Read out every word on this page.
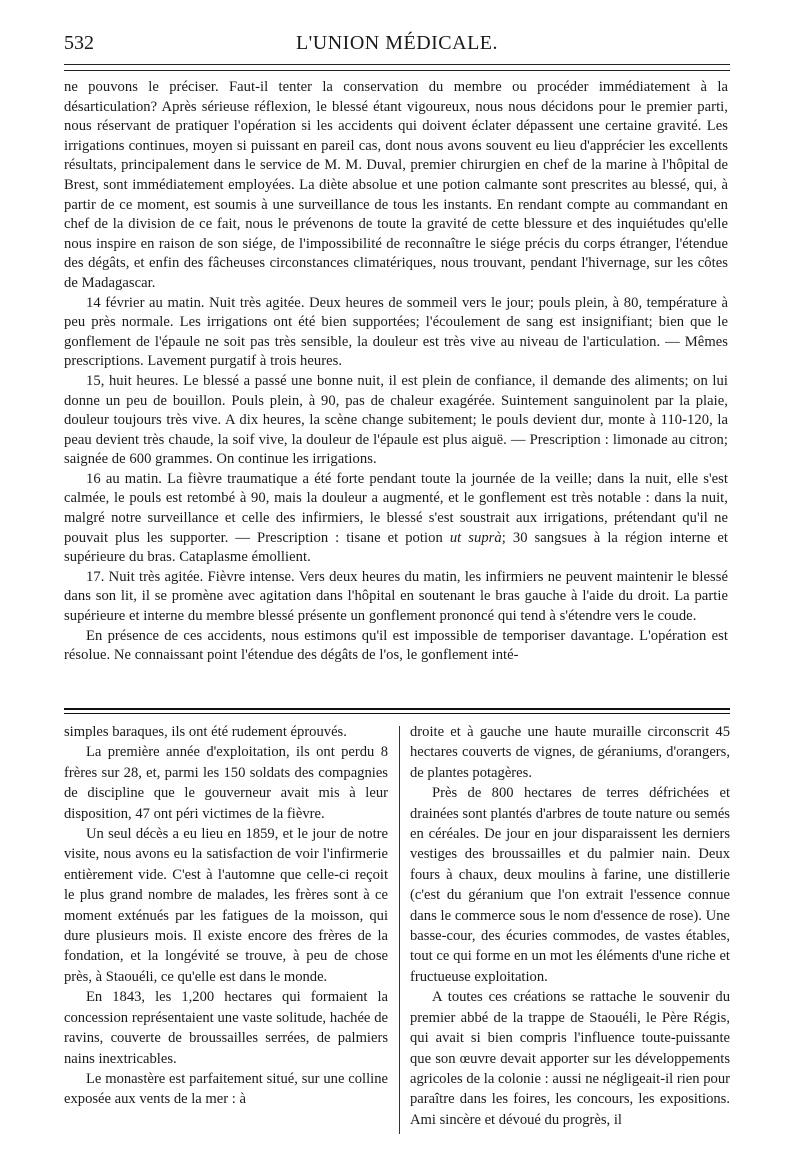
532	L'UNION MÉDICALE.

ne pouvons le préciser. Faut-il tenter la conservation du membre ou procéder immédiatement à la désarticulation? Après sérieuse réflexion, le blessé étant vigoureux, nous nous décidons pour le premier parti, nous réservant de pratiquer l'opération si les accidents qui doivent éclater dépassent une certaine gravité. Les irrigations continues, moyen si puissant en pareil cas, dont nous avons souvent eu lieu d'apprécier les excellents résultats, principalement dans le service de M. M. Duval, premier chirurgien en chef de la marine à l'hôpital de Brest, sont immédiatement employées. La diète absolue et une potion calmante sont prescrites au blessé, qui, à partir de ce moment, est soumis à une surveillance de tous les instants. En rendant compte au commandant en chef de la division de ce fait, nous le prévenons de toute la gravité de cette blessure et des inquiétudes qu'elle nous inspire en raison de son siége, de l'impossibilité de reconnaître le siége précis du corps étranger, l'étendue des dégâts, et enfin des fâcheuses circonstances climatériques, nous trouvant, pendant l'hivernage, sur les côtes de Madagascar.

14 février au matin. Nuit très agitée. Deux heures de sommeil vers le jour; pouls plein, à 80, température à peu près normale. Les irrigations ont été bien supportées; l'écoulement de sang est insignifiant; bien que le gonflement de l'épaule ne soit pas très sensible, la douleur est très vive au niveau de l'articulation. — Mêmes prescriptions. Lavement purgatif à trois heures.

15, huit heures. Le blessé a passé une bonne nuit, il est plein de confiance, il demande des aliments; on lui donne un peu de bouillon. Pouls plein, à 90, pas de chaleur exagérée. Suintement sanguinolent par la plaie, douleur toujours très vive. A dix heures, la scène change subitement; le pouls devient dur, monte à 110-120, la peau devient très chaude, la soif vive, la douleur de l'épaule est plus aiguë. — Prescription : limonade au citron; saignée de 600 grammes. On continue les irrigations.

16 au matin. La fièvre traumatique a été forte pendant toute la journée de la veille; dans la nuit, elle s'est calmée, le pouls est retombé à 90, mais la douleur a augmenté, et le gonflement est très notable : dans la nuit, malgré notre surveillance et celle des infirmiers, le blessé s'est soustrait aux irrigations, prétendant qu'il ne pouvait plus les supporter. — Prescription : tisane et potion ut suprà; 30 sangsues à la région interne et supérieure du bras. Cataplasme émollient.

17. Nuit très agitée. Fièvre intense. Vers deux heures du matin, les infirmiers ne peuvent maintenir le blessé dans son lit, il se promène avec agitation dans l'hôpital en soutenant le bras gauche à l'aide du droit. La partie supérieure et interne du membre blessé présente un gonflement prononcé qui tend à s'étendre vers le coude.

En présence de ces accidents, nous estimons qu'il est impossible de temporiser davantage. L'opération est résolue. Ne connaissant point l'étendue des dégâts de l'os, le gonflement inté-

simples baraques, ils ont été rudement éprouvés.

La première année d'exploitation, ils ont perdu 8 frères sur 28, et, parmi les 150 soldats des compagnies de discipline que le gouverneur avait mis à leur disposition, 47 ont péri victimes de la fièvre.

Un seul décès a eu lieu en 1859, et le jour de notre visite, nous avons eu la satisfaction de voir l'infirmerie entièrement vide. C'est à l'automne que celle-ci reçoit le plus grand nombre de malades, les frères sont à ce moment exténués par les fatigues de la moisson, qui dure plusieurs mois. Il existe encore des frères de la fondation, et la longévité se trouve, à peu de chose près, à Staouéli, ce qu'elle est dans le monde.

En 1843, les 1,200 hectares qui formaient la concession représentaient une vaste solitude, hachée de ravins, couverte de broussailles serrées, de palmiers nains inextricables.

Le monastère est parfaitement situé, sur une colline exposée aux vents de la mer : à

droite et à gauche une haute muraille circonscrit 45 hectares couverts de vignes, de géraniums, d'orangers, de plantes potagères.

Près de 800 hectares de terres défrichées et drainées sont plantés d'arbres de toute nature ou semés en céréales. De jour en jour disparaissent les derniers vestiges des broussailles et du palmier nain. Deux fours à chaux, deux moulins à farine, une distillerie (c'est du géranium que l'on extrait l'essence connue dans le commerce sous le nom d'essence de rose). Une basse-cour, des écuries commodes, de vastes étables, tout ce qui forme en un mot les éléments d'une riche et fructueuse exploitation.

A toutes ces créations se rattache le souvenir du premier abbé de la trappe de Staouéli, le Père Régis, qui avait si bien compris l'influence toute-puissante que son œuvre devait apporter sur les développements agricoles de la colonie : aussi ne négligeait-il rien pour paraître dans les foires, les concours, les expositions. Ami sincère et dévoué du progrès, il
